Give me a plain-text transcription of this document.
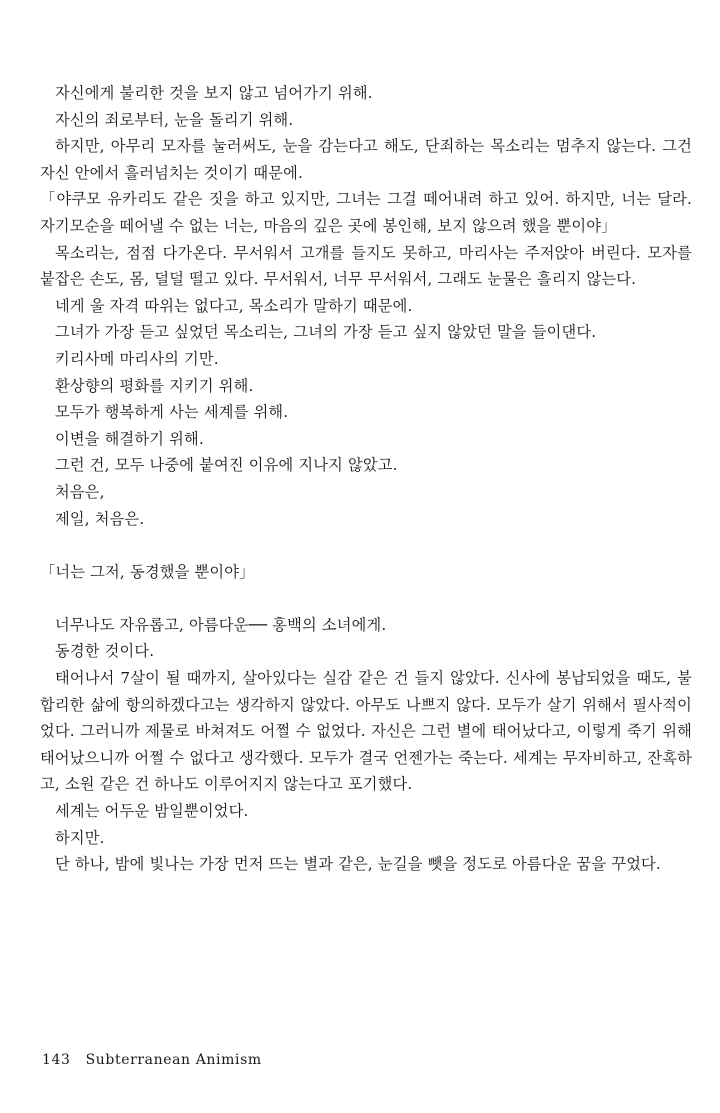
자신에게 불리한 것을 보지 않고 넘어가기 위해.

자신의 죄로부터, 눈을 돌리기 위해.

하지만, 아무리 모자를 눌러써도, 눈을 감는다고 해도, 단죄하는 목소리는 멈추지 않는다. 그건 자신 안에서 흘러넘치는 것이기 때문에.

「야쿠모 유카리도 같은 짓을 하고 있지만, 그녀는 그걸 떼어내려 하고 있어. 하지만, 너는 달라. 자기모순을 떼어낼 수 없는 너는, 마음의 깊은 곳에 봉인해, 보지 않으려 했을 뿐이야」

목소리는, 점점 다가온다. 무서워서 고개를 들지도 못하고, 마리사는 주저앉아 버린다. 모자를 붙잡은 손도, 몸, 덜덜 떨고 있다. 무서워서, 너무 무서워서, 그래도 눈물은 흘리지 않는다.

네게 울 자격 따위는 없다고, 목소리가 말하기 때문에.

그녀가 가장 듣고 싶었던 목소리는, 그녀의 가장 듣고 싶지 않았던 말을 들이댄다.

키리사메 마리사의 기만.

환상향의 평화를 지키기 위해.

모두가 행복하게 사는 세계를 위해.

이변을 해결하기 위해.

그런 건, 모두 나중에 붙여진 이유에 지나지 않았고.

처음은,

제일, 처음은.

「너는 그저, 동경했을 뿐이야」

너무나도 자유롭고, 아름다운── 홍백의 소녀에게.

동경한 것이다.

태어나서 7살이 될 때까지, 살아있다는 실감 같은 건 들지 않았다. 신사에 봉납되었을 때도, 불합리한 삶에 항의하겠다고는 생각하지 않았다. 아무도 나쁘지 않다. 모두가 살기 위해서 필사적이었다. 그러니까 제물로 바쳐져도 어쩔 수 없었다. 자신은 그런 별에 태어났다고, 이렇게 죽기 위해 태어났으니까 어쩔 수 없다고 생각했다. 모두가 결국 언젠가는 죽는다. 세계는 무자비하고, 잔혹하고, 소원 같은 건 하나도 이루어지지 않는다고 포기했다.

세계는 어두운 밤일뿐이었다.

하지만.

단 하나, 밤에 빛나는 가장 먼저 뜨는 별과 같은, 눈길을 뺏을 정도로 아름다운 꿈을 꾸었다.

143 Subterranean Animism
